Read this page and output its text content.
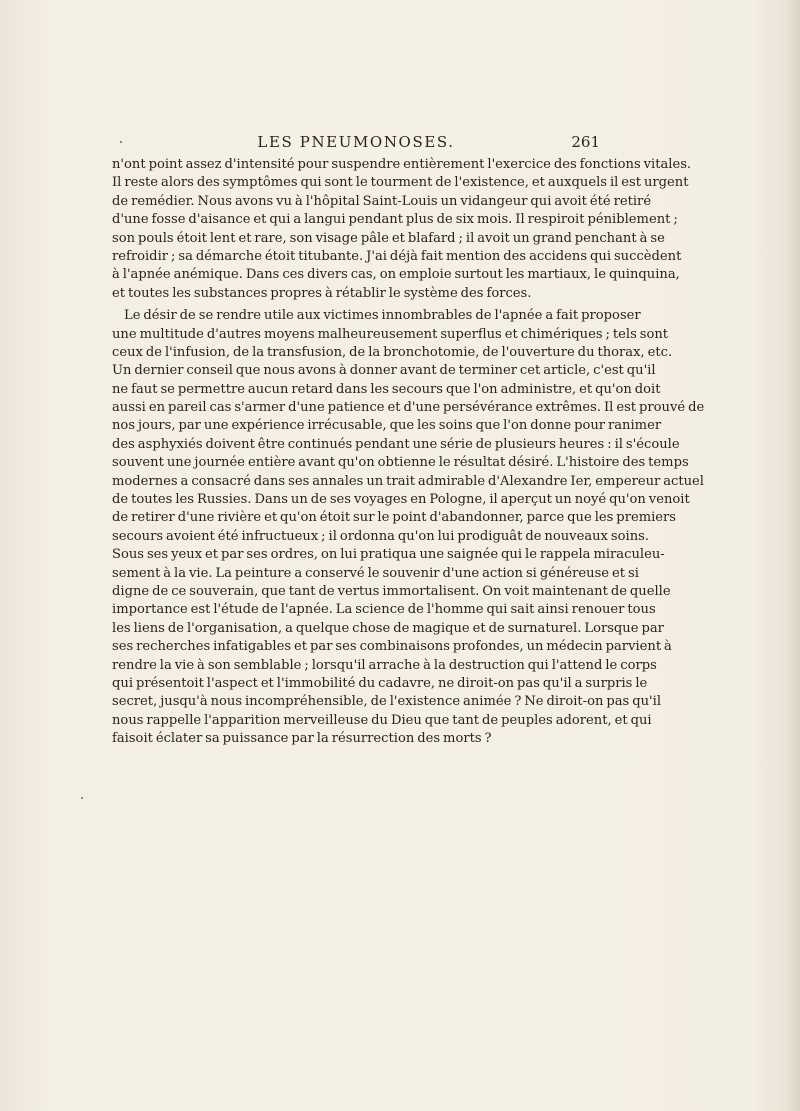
LES PNEUMONOSES.	261
n'ont point assez d'intensité pour suspendre entièrement l'exercice des fonctions vitales.
Il reste alors des symptômes qui sont le tourment de l'existence, et auxquels il est urgent
de remédier. Nous avons vu à l'hôpital Saint-Louis un vidangeur qui avoit été retiré
d'une fosse d'aisance et qui a langui pendant plus de six mois. Il respiroit péniblement ;
son pouls étoit lent et rare, son visage pâle et blafard ; il avoit un grand penchant à se
refroidir ; sa démarche étoit titubante. J'ai déjà fait mention des accidens qui succèdent
à l'apnée anémique. Dans ces divers cas, on emploie surtout les martiaux, le quinquina,
et toutes les substances propres à rétablir le système des forces.
Le désir de se rendre utile aux victimes innombrables de l'apnée a fait proposer
une multitude d'autres moyens malheureusement superflus et chimériques ; tels sont
ceux de l'infusion, de la transfusion, de la bronchotomie, de l'ouverture du thorax, etc.
Un dernier conseil que nous avons à donner avant de terminer cet article, c'est qu'il
ne faut se permettre aucun retard dans les secours que l'on administre, et qu'on doit
aussi en pareil cas s'armer d'une patience et d'une persévérance extrêmes. Il est prouvé de
nos jours, par une expérience irrécusable, que les soins que l'on donne pour ranimer
des asphyxiés doivent être continués pendant une série de plusieurs heures : il s'écoule
souvent une journée entière avant qu'on obtienne le résultat désiré. L'histoire des temps
modernes a consacré dans ses annales un trait admirable d'Alexandre Ier, empereur actuel
de toutes les Russies. Dans un de ses voyages en Pologne, il aperçut un noyé qu'on venoit
de retirer d'une rivière et qu'on étoit sur le point d'abandonner, parce que les premiers
secours avoient été infructueux ; il ordonna qu'on lui prodiguât de nouveaux soins.
Sous ses yeux et par ses ordres, on lui pratiqua une saignée qui le rappela miraculeu-
sement à la vie. La peinture a conservé le souvenir d'une action si généreuse et si
digne de ce souverain, que tant de vertus immortalisent. On voit maintenant de quelle
importance est l'étude de l'apnée. La science de l'homme qui sait ainsi renouer tous
les liens de l'organisation, a quelque chose de magique et de surnaturel. Lorsque par
ses recherches infatigables et par ses combinaisons profondes, un médecin parvient à
rendre la vie à son semblable ; lorsqu'il arrache à la destruction qui l'attend le corps
qui présentoit l'aspect et l'immobilité du cadavre, ne diroit-on pas qu'il a surpris le
secret, jusqu'à nous incompréhensible, de l'existence animée ? Ne diroit-on pas qu'il
nous rappelle l'apparition merveilleuse du Dieu que tant de peuples adorent, et qui
faisoit éclater sa puissance par la résurrection des morts ?
